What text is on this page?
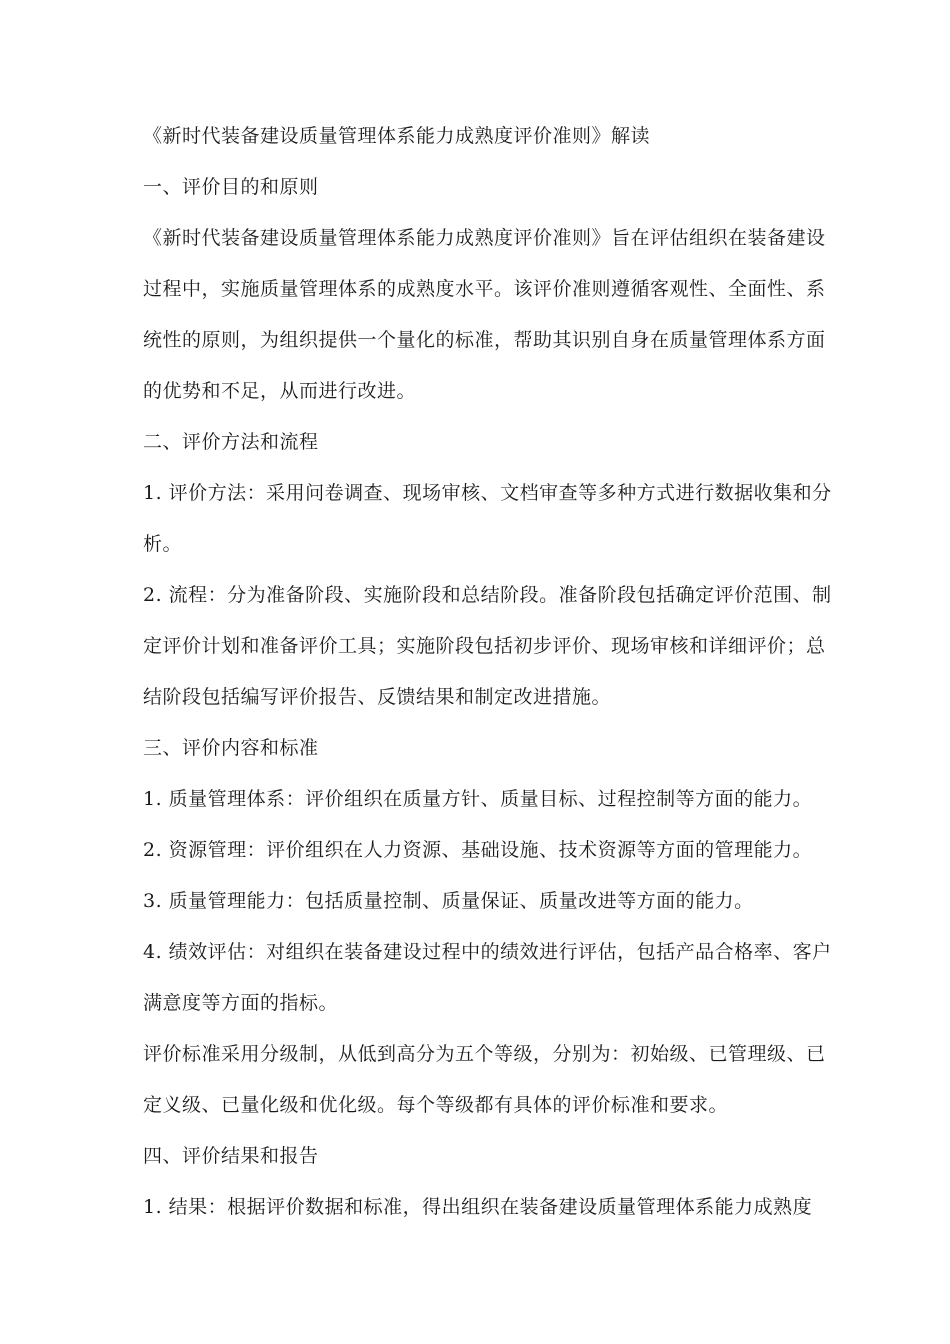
《新时代装备建设质量管理体系能力成熟度评价准则》解读

一、评价目的和原则

《新时代装备建设质量管理体系能力成熟度评价准则》旨在评估组织在装备建设

过程中，实施质量管理体系的成熟度水平。该评价准则遵循客观性、全面性、系

统性的原则，为组织提供一个量化的标准，帮助其识别自身在质量管理体系方面

的优势和不足，从而进行改进。

二、评价方法和流程

1. 评价方法：采用问卷调查、现场审核、文档审查等多种方式进行数据收集和分

析。

2. 流程：分为准备阶段、实施阶段和总结阶段。准备阶段包括确定评价范围、制

定评价计划和准备评价工具；实施阶段包括初步评价、现场审核和详细评价；总

结阶段包括编写评价报告、反馈结果和制定改进措施。

三、评价内容和标准

1. 质量管理体系：评价组织在质量方针、质量目标、过程控制等方面的能力。

2. 资源管理：评价组织在人力资源、基础设施、技术资源等方面的管理能力。

3. 质量管理能力：包括质量控制、质量保证、质量改进等方面的能力。

4. 绩效评估：对组织在装备建设过程中的绩效进行评估，包括产品合格率、客户

满意度等方面的指标。

评价标准采用分级制，从低到高分为五个等级，分别为：初始级、已管理级、已

定义级、已量化级和优化级。每个等级都有具体的评价标准和要求。

四、评价结果和报告

1. 结果：根据评价数据和标准，得出组织在装备建设质量管理体系能力成熟度
